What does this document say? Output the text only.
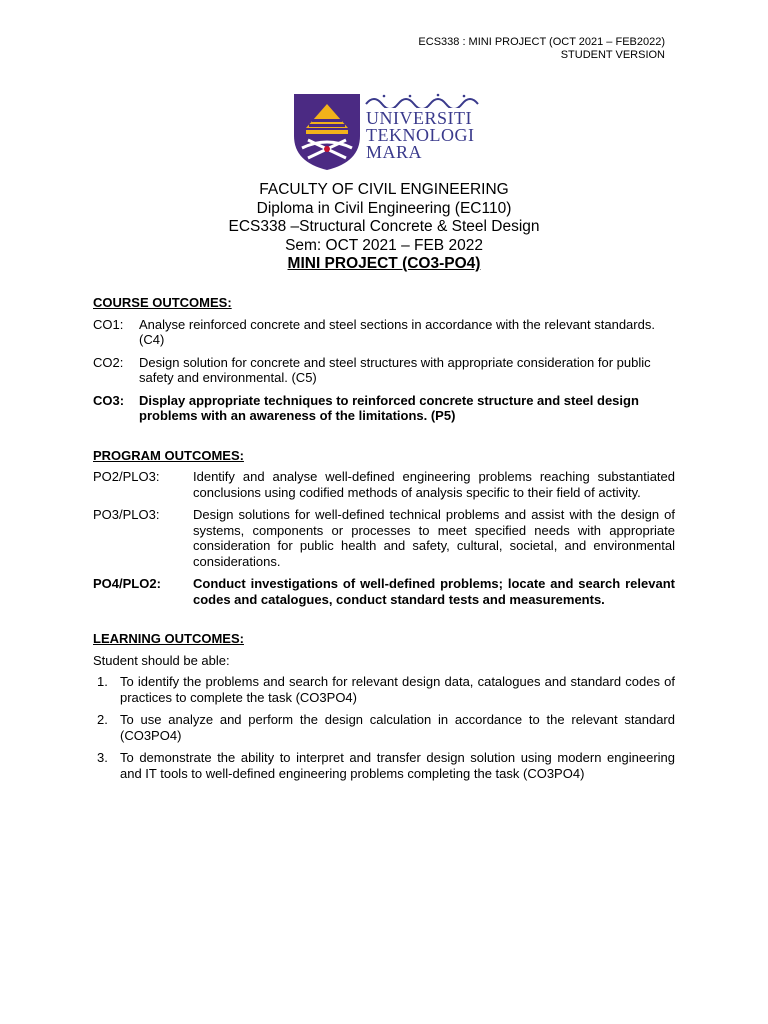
ECS338 : MINI PROJECT (OCT 2021 – FEB2022)
STUDENT VERSION
UNIVERSITI
TEKNOLOGI
MARA
FACULTY OF CIVIL ENGINEERING
Diploma in Civil Engineering (EC110)
ECS338 –Structural Concrete & Steel Design
Sem: OCT 2021 – FEB 2022
MINI PROJECT (CO3-PO4)
COURSE OUTCOMES:
CO1:	Analyse reinforced concrete and steel sections in accordance with the relevant standards. (C4)
CO2:	Design solution for concrete and steel structures with appropriate consideration for public safety and environmental. (C5)
CO3:	Display appropriate techniques to reinforced concrete structure and steel design problems with an awareness of the limitations. (P5)
PROGRAM OUTCOMES:
PO2/PLO3:	Identify and analyse well-defined engineering problems reaching substantiated conclusions using codified methods of analysis specific to their field of activity.
PO3/PLO3:	Design solutions for well-defined technical problems and assist with the design of systems, components or processes to meet specified needs with appropriate consideration for public health and safety, cultural, societal, and environmental considerations.
PO4/PLO2:	Conduct investigations of well-defined problems; locate and search relevant codes and catalogues, conduct standard tests and measurements.
LEARNING OUTCOMES:
Student should be able:
1. To identify the problems and search for relevant design data, catalogues and standard codes of practices to complete the task (CO3PO4)
2. To use analyze and perform the design calculation in accordance to the relevant standard (CO3PO4)
3. To demonstrate the ability to interpret and transfer design solution using modern engineering and IT tools to well-defined engineering problems completing the task (CO3PO4)
